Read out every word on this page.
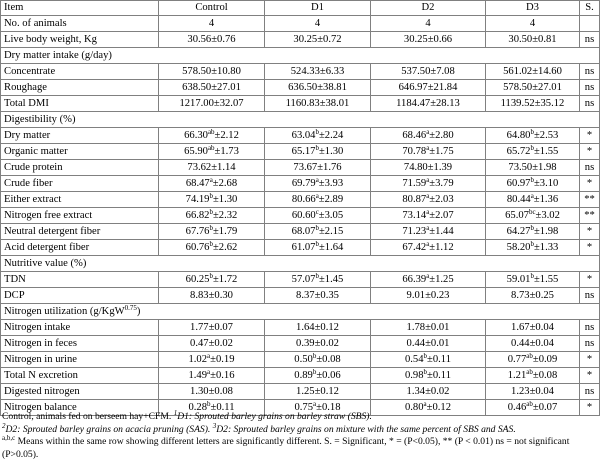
Item	Control	D1	D2	D3	S.
No. of animals	4	4	4	4	
Live body weight, Kg	30.56±0.76	30.25±0.72	30.25±0.66	30.50±0.81	ns
Dry matter intake (g/day)					
Concentrate	578.50±10.80	524.33±6.33	537.50±7.08	561.02±14.60	ns
Roughage	638.50±27.01	636.50±38.81	646.97±21.84	578.50±27.01	ns
Total DMI	1217.00±32.07	1160.83±38.01	1184.47±28.13	1139.52±35.12	ns
Digestibility (%)					
Dry matter	66.30$^{ab}$±2.12	63.04$^b$±2.24	68.46$^a$±2.80	64.80$^b$±2.53	*
Organic matter	65.90$^{ab}$±1.73	65.17$^b$±1.30	70.78$^a$±1.75	65.72$^b$±1.55	*
Crude protein	73.62±1.14	73.67±1.76	74.80±1.39	73.50±1.98	ns
Crude fiber	68.47$^a$±2.68	69.79$^a$±3.93	71.59$^a$±3.79	60.97$^b$±3.10	*
Either extract	74.19$^b$±1.30	80.66$^a$±2.89	80.87$^a$±2.03	80.44$^a$±1.36	**
Nitrogen free extract	66.82$^b$±2.32	60.60$^c$±3.05	73.14$^a$±2.07	65.07$^{bc}$±3.02	**
Neutral detergent fiber	67.76$^b$±1.79	68.07$^b$±2.15	71.23$^a$±1.44	64.27$^b$±1.98	*
Acid detergent fiber	60.76$^b$±2.62	61.07$^b$±1.64	67.42$^a$±1.12	58.20$^b$±1.33	*
Nutritive value (%)					
TDN	60.25$^b$±1.72	57.07$^b$±1.45	66.39$^a$±1.25	59.01$^b$±1.55	*
DCP	8.83±0.30	8.37±0.35	9.01±0.23	8.73±0.25	ns
Nitrogen utilization (g/KgW$^{0.75}$)					
Nitrogen intake	1.77±0.07	1.64±0.12	1.78±0.01	1.67±0.04	ns
Nitrogen in feces	0.47±0.02	0.39±0.02	0.44±0.01	0.44±0.04	ns
Nitrogen in urine	1.02$^a$±0.19	0.50$^b$±0.08	0.54$^b$±0.11	0.77$^{ab}$±0.09	*
Total N excretion	1.49$^a$±0.16	0.89$^b$±0.06	0.98$^b$±0.11	1.21$^{ab}$±0.08	*
Digested nitrogen	1.30±0.08	1.25±0.12	1.34±0.02	1.23±0.04	ns
Nitrogen balance	0.28$^b$±0.11	0.75$^a$±0.18	0.80$^a$±0.12	0.46$^{ab}$±0.07	*
Control, animals fed on berseem hay+CFM. $^1$D1: Sprouted barley grains on barley straw (SBS).
$^2$D2: Sprouted barley grains on acacia pruning (SAS). $^3$D2: Sprouted barley grains on mixture with the same percent of SBS and SAS.
$^{a,b,c}$ Means within the same row showing different letters are significantly different. S. = Significant, * = (P<0.05), ** (P < 0.01) ns = not significant (P>0.05).
